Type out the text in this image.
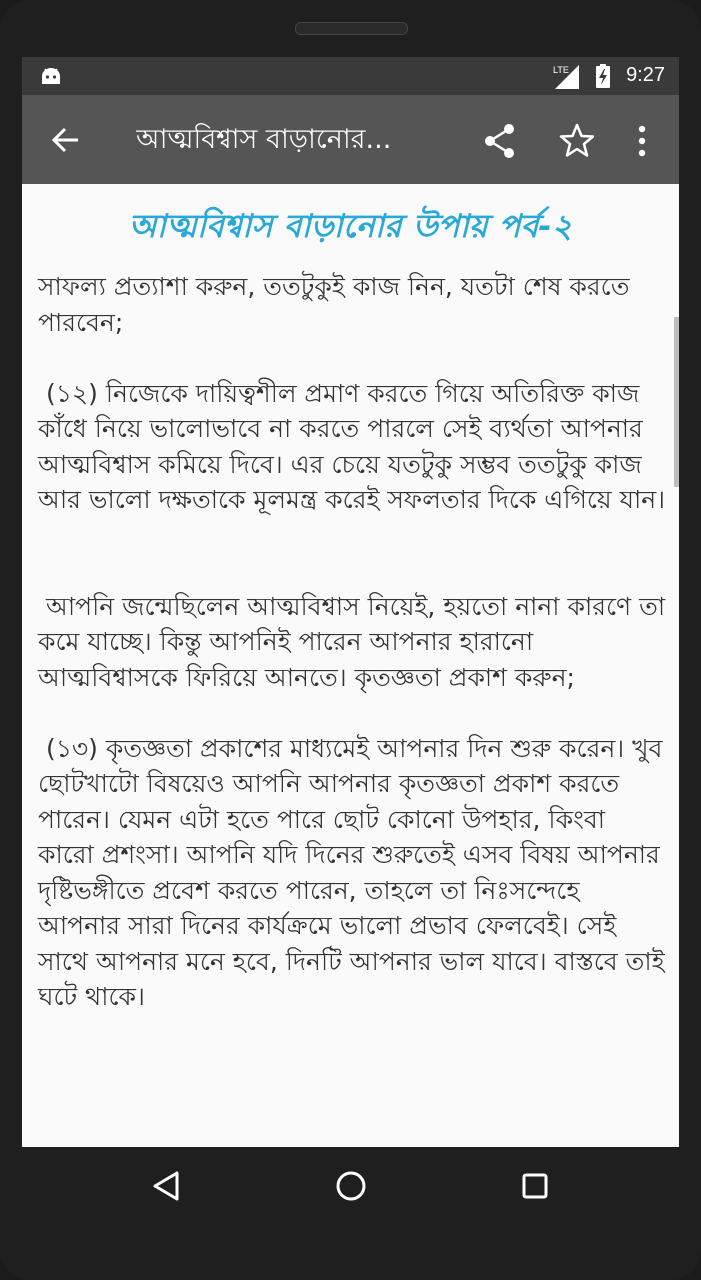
LTE	9:27
আত্মবিশ্বাস বাড়ানোর...
আত্মবিশ্বাস বাড়ানোর উপায় পর্ব-২

সাফল্য প্রত্যাশা করুন, ততটুকুই কাজ নিন, যতটা শেষ করতে পারবেন;

(১২) নিজেকে দায়িত্বশীল প্রমাণ করতে গিয়ে অতিরিক্ত কাজ কাঁধে নিয়ে ভালোভাবে না করতে পারলে সেই ব্যর্থতা আপনার আত্মবিশ্বাস কমিয়ে দিবে। এর চেয়ে যতটুকু সম্ভব ততটুকু কাজ আর ভালো দক্ষতাকে মূলমন্ত্র করেই সফলতার দিকে এগিয়ে যান।

আপনি জন্মেছিলেন আত্মবিশ্বাস নিয়েই, হয়তো নানা কারণে তা কমে যাচ্ছে। কিন্তু আপনিই পারেন আপনার হারানো আত্মবিশ্বাসকে ফিরিয়ে আনতে। কৃতজ্ঞতা প্রকাশ করুন;

(১৩) কৃতজ্ঞতা প্রকাশের মাধ্যমেই আপনার দিন শুরু করেন। খুব ছোটখাটো বিষয়েও আপনি আপনার কৃতজ্ঞতা প্রকাশ করতে পারেন। যেমন এটা হতে পারে ছোট কোনো উপহার, কিংবা কারো প্রশংসা। আপনি যদি দিনের শুরুতেই এসব বিষয় আপনার দৃষ্টিভঙ্গীতে প্রবেশ করতে পারেন, তাহলে তা নিঃসন্দেহে আপনার সারা দিনের কার্যক্রমে ভালো প্রভাব ফেলবেই। সেই সাথে আপনার মনে হবে, দিনটি আপনার ভাল যাবে। বাস্তবে তাই ঘটে থাকে।
